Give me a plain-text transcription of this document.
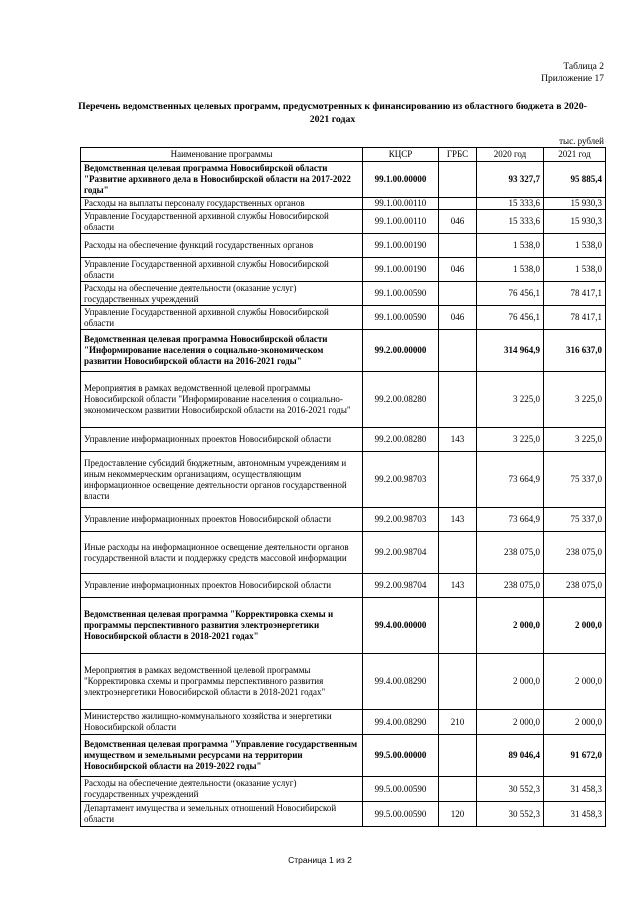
Таблица 2
Приложение 17
Перечень ведомственных целевых программ, предусмотренных к финансированию из областного бюджета в 2020-2021 годах
тыс. рублей
Наименование программы	КЦСР	ГРБС	2020 год	2021 год
Ведомственная целевая программа Новосибирской области "Развитие архивного дела в Новосибирской области на 2017-2022 годы"	99.1.00.00000		93 327,7	95 885,4
Расходы на выплаты персоналу государственных органов	99.1.00.00110		15 333,6	15 930,3
Управление Государственной архивной службы Новосибирской области	99.1.00.00110	046	15 333,6	15 930,3
Расходы на обеспечение функций государственных органов	99.1.00.00190		1 538,0	1 538,0
Управление Государственной архивной службы Новосибирской области	99.1.00.00190	046	1 538,0	1 538,0
Расходы на обеспечение деятельности (оказание услуг) государственных учреждений	99.1.00.00590		76 456,1	78 417,1
Управление Государственной архивной службы Новосибирской области	99.1.00.00590	046	76 456,1	78 417,1
Ведомственная целевая программа Новосибирской области "Информирование населения о социально-экономическом развитии Новосибирской области на 2016-2021 годы"	99.2.00.00000		314 964,9	316 637,0
Мероприятия в рамках ведомственной целевой программы Новосибирской области "Информирование населения о социально-экономическом развитии Новосибирской области на 2016-2021 годы"	99.2.00.08280		3 225,0	3 225,0
Управление информационных проектов Новосибирской области	99.2.00.08280	143	3 225,0	3 225,0
Предоставление субсидий бюджетным, автономным учреждениям и иным некоммерческим организациям, осуществляющим информационное освещение деятельности органов государственной власти	99.2.00.98703		73 664,9	75 337,0
Управление информационных проектов Новосибирской области	99.2.00.98703	143	73 664,9	75 337,0
Иные расходы на информационное освещение деятельности органов государственной власти и поддержку средств массовой информации	99.2.00.98704		238 075,0	238 075,0
Управление информационных проектов Новосибирской области	99.2.00.98704	143	238 075,0	238 075,0
Ведомственная целевая программа "Корректировка схемы и программы перспективного развития электроэнергетики Новосибирской области в 2018-2021 годах"	99.4.00.00000		2 000,0	2 000,0
Мероприятия в рамках ведомственной целевой программы "Корректировка схемы и программы перспективного развития электроэнергетики Новосибирской области в 2018-2021 годах"	99.4.00.08290		2 000,0	2 000,0
Министерство жилищно-коммунального хозяйства и энергетики Новосибирской области	99.4.00.08290	210	2 000,0	2 000,0
Ведомственная целевая программа "Управление государственным имуществом и земельными ресурсами на территории Новосибирской области на 2019-2022 годы"	99.5.00.00000		89 046,4	91 672,0
Расходы на обеспечение деятельности (оказание услуг) государственных учреждений	99.5.00.00590		30 552,3	31 458,3
Департамент имущества и земельных отношений Новосибирской области	99.5.00.00590	120	30 552,3	31 458,3
Страница 1 из 2
